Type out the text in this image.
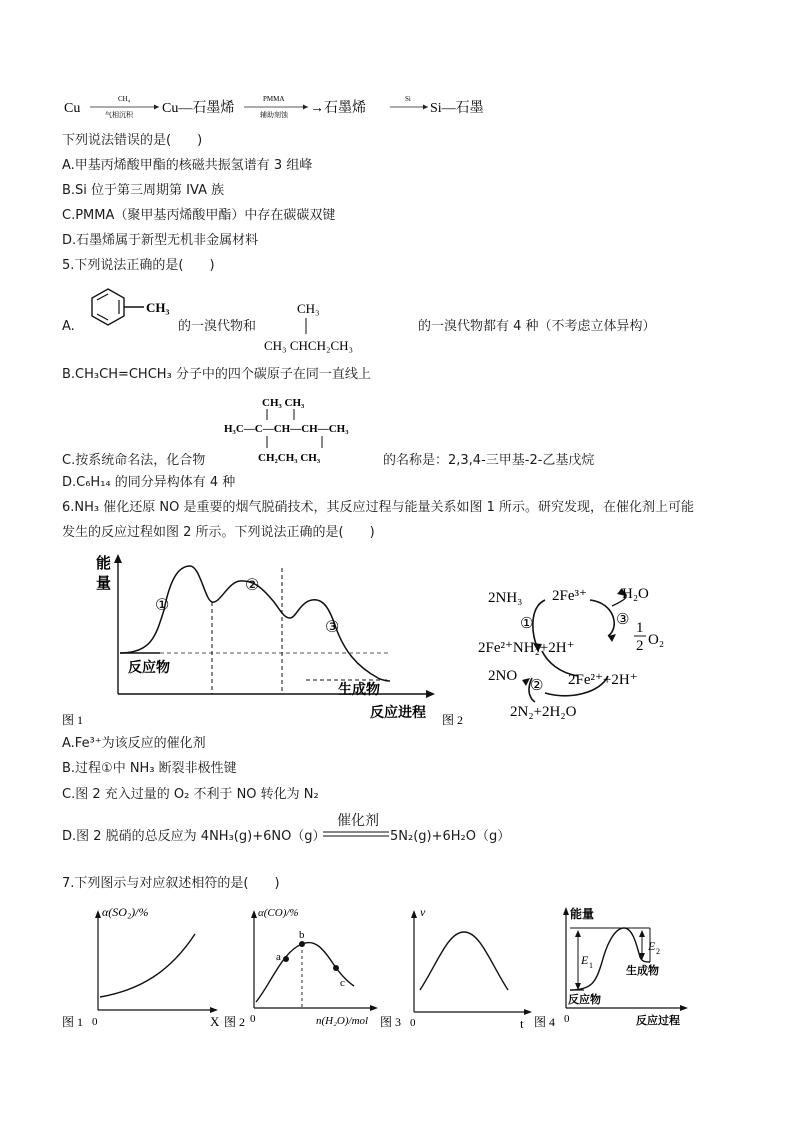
Cu
CH₄
气相沉积 Cu—石墨烯
PMMA
辅助刻蚀 →石墨烯
Si
Si—石墨
下列说法错误的是(　　)
A.甲基丙烯酸甲酯的核磁共振氢谱有 3 组峰
B.Si 位于第三周期第 IVA 族
C.PMMA（聚甲基丙烯酸甲酯）中存在碳碳双键
D.石墨烯属于新型无机非金属材料
5.下列说法正确的是(　　)
A.
CH₃
的一溴代物和
CH₃
CH₃ CHCH₂CH₃
的一溴代物都有 4 种（不考虑立体异构）
B.CH₃CH=CHCH₃ 分子中的四个碳原子在同一直线上
CH₃ CH₃
H₃C—C—CH—CH—CH₃
CH₂CH₃ CH₃
C.按系统命名法，化合物	的名称是：2,3,4-三甲基-2-乙基戊烷
D.C₆H₁₄ 的同分异构体有 4 种
6.NH₃ 催化还原 NO 是重要的烟气脱硝技术，其反应过程与能量关系如图 1 所示。研究发现，在催化剂上可能
发生的反应过程如图 2 所示。下列说法正确的是(　　)
能
量
①
②
③
反应物
生成物
反应进程
图 1	图 2
2NH₃ 2Fe³⁺ H₂O
①	③ 1
2 O₂
2Fe²⁺NH₂+2H⁺
2NO
② 2Fe²⁺+2H⁺
2N₂+2H₂O
A.Fe³⁺为该反应的催化剂
B.过程①中 NH₃ 断裂非极性键
C.图 2 充入过量的 O₂ 不利于 NO 转化为 N₂
D.图 2 脱硝的总反应为 4NH₃(g)+6NO（g）
催化剂
5N₂(g)+6H₂O（g）
7.下列图示与对应叙述相符的是(　　)
α(SO₂)/%
0	X
图 1
α(CO)/%
a
b
c
0	n(H₂O)/mol
图 2
v
0	t
图 3
能量
E 1
E 2
生成物
反应物
0	反应过程
图 4
